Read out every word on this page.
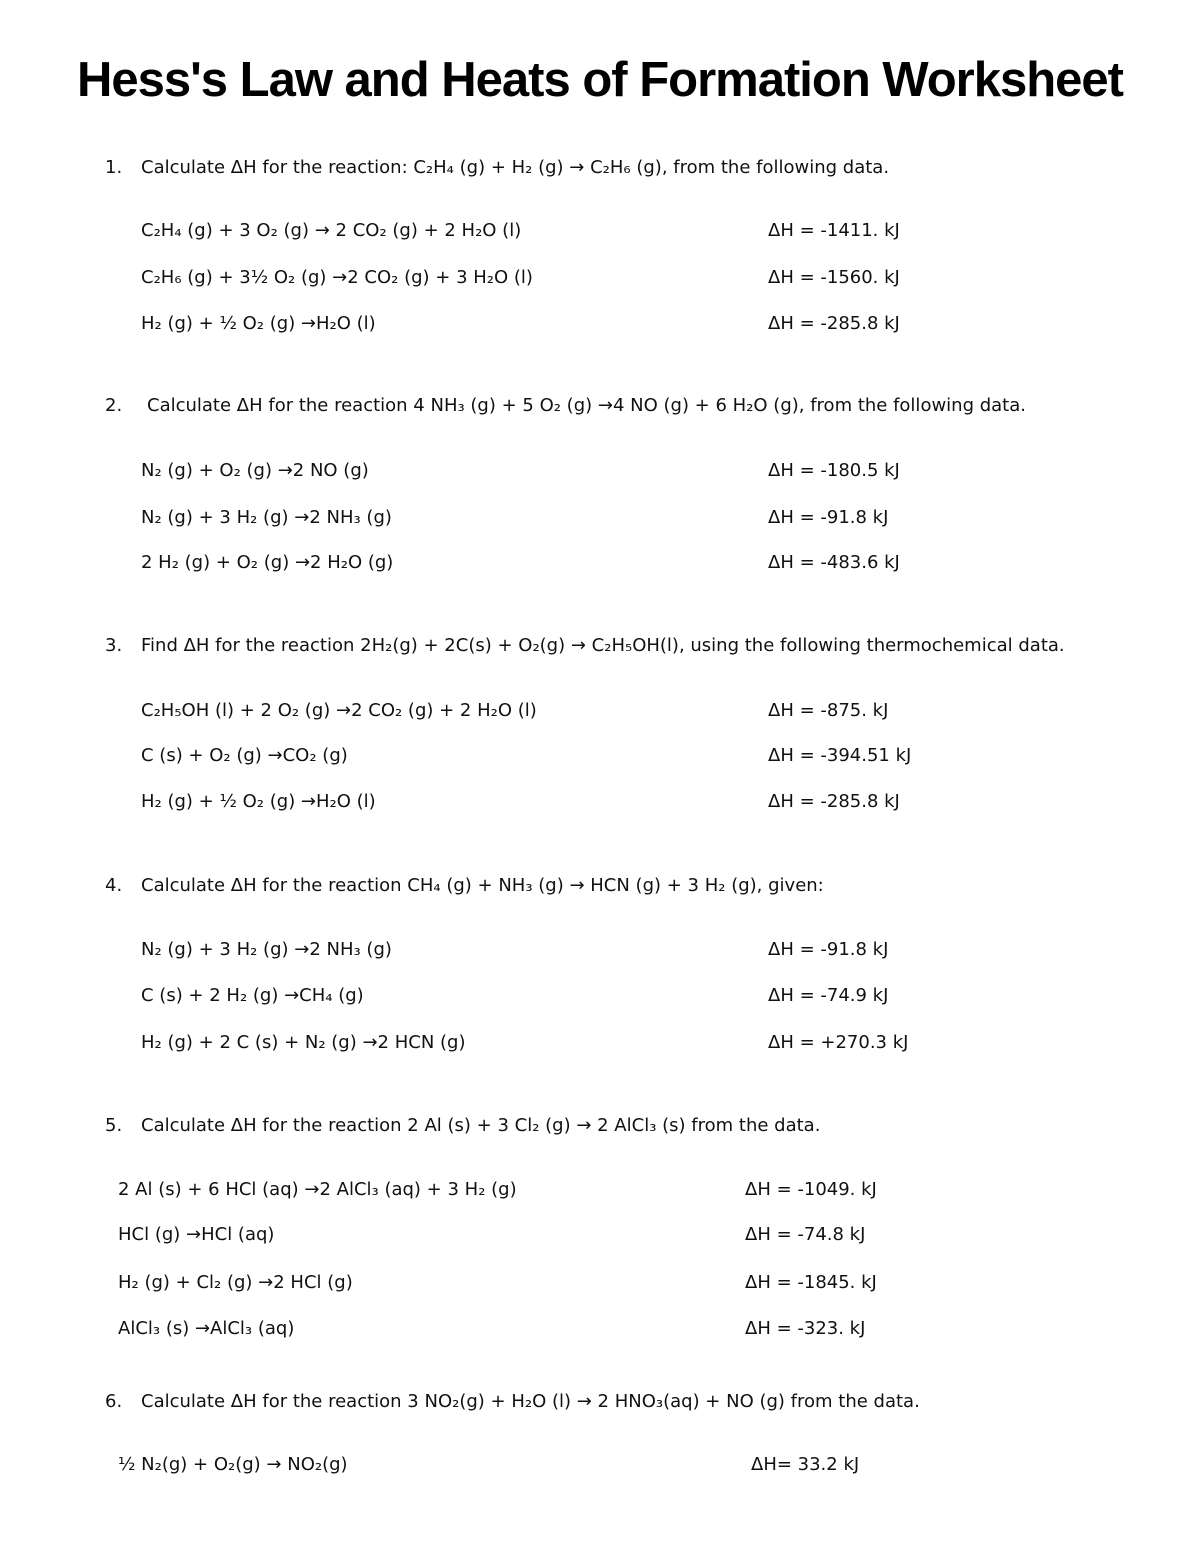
Hess's Law and Heats of Formation Worksheet
1.	Calculate ΔH for the reaction: C₂H₄ (g) + H₂ (g) → C₂H₆ (g), from the following data.
C₂H₄ (g) + 3 O₂ (g) → 2 CO₂ (g) + 2 H₂O (l)	ΔH = -1411. kJ
C₂H₆ (g) + 3½ O₂ (g) →2 CO₂ (g) + 3 H₂O (l)	ΔH = -1560. kJ
H₂ (g) + ½ O₂ (g) →H₂O (l)	ΔH = -285.8 kJ
2.	Calculate ΔH for the reaction 4 NH₃ (g) + 5 O₂ (g) →4 NO (g) + 6 H₂O (g), from the following data.
N₂ (g) + O₂ (g) →2 NO (g)	ΔH = -180.5 kJ
N₂ (g) + 3 H₂ (g) →2 NH₃ (g)	ΔH = -91.8 kJ
2 H₂ (g) + O₂ (g) →2 H₂O (g)	ΔH = -483.6 kJ
3.	Find ΔH for the reaction 2H₂(g) + 2C(s) + O₂(g) → C₂H₅OH(l), using the following thermochemical data.
C₂H₅OH (l) + 2 O₂ (g) →2 CO₂ (g) + 2 H₂O (l)	ΔH = -875. kJ
C (s) + O₂ (g) →CO₂ (g)	ΔH = -394.51 kJ
H₂ (g) + ½ O₂ (g) →H₂O (l)	ΔH = -285.8 kJ
4.	Calculate ΔH for the reaction CH₄ (g) + NH₃ (g) → HCN (g) + 3 H₂ (g), given:
N₂ (g) + 3 H₂ (g) →2 NH₃ (g)	ΔH = -91.8 kJ
C (s) + 2 H₂ (g) →CH₄ (g)	ΔH = -74.9 kJ
H₂ (g) + 2 C (s) + N₂ (g) →2 HCN (g)	ΔH = +270.3 kJ
5.	Calculate ΔH for the reaction 2 Al (s) + 3 Cl₂ (g) → 2 AlCl₃ (s) from the data.
2 Al (s) + 6 HCl (aq) →2 AlCl₃ (aq) + 3 H₂ (g)	ΔH = -1049. kJ
HCl (g) →HCl (aq)	ΔH = -74.8 kJ
H₂ (g) + Cl₂ (g) →2 HCl (g)	ΔH = -1845. kJ
AlCl₃ (s) →AlCl₃ (aq)	ΔH = -323. kJ
6.	Calculate ΔH for the reaction 3 NO₂(g) + H₂O (l) → 2 HNO₃(aq) + NO (g) from the data.
½ N₂(g) + O₂(g) → NO₂(g)	ΔH= 33.2 kJ
